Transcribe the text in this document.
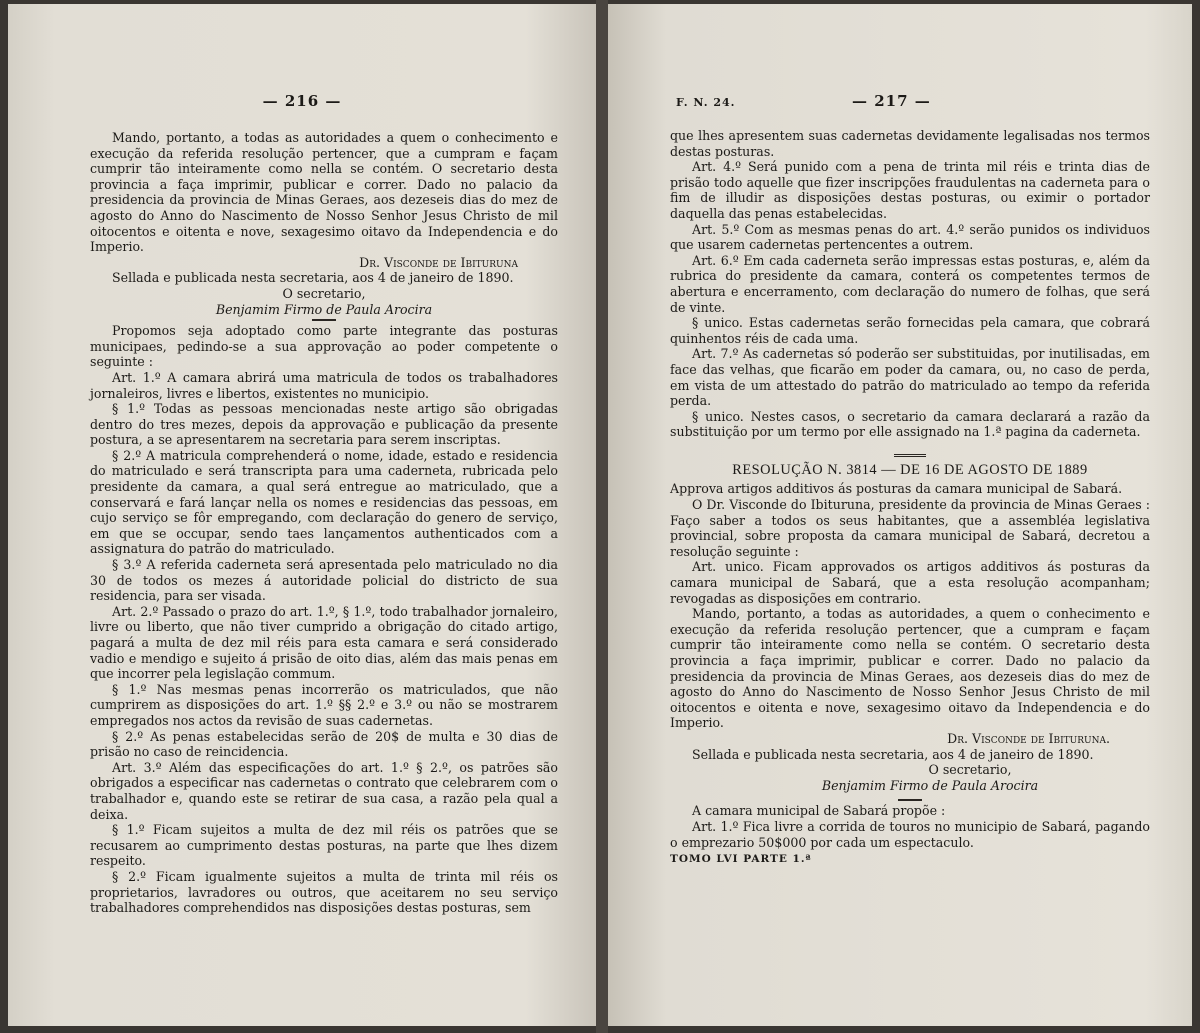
— 216 —

Mando, portanto, a todas as autoridades a quem o conhecimento e execução da referida resolução pertencer, que a cumpram e façam cumprir tão inteiramente como nella se contém. O secretario desta provincia a faça imprimir, publicar e correr. Dado no palacio da presidencia da provincia de Minas Geraes, aos dezeseis dias do mez de agosto do Anno do Nascimento de Nosso Senhor Jesus Christo de mil oitocentos e oitenta e nove, sexagesimo oitavo da Independencia e do Imperio.

Dr. Visconde de Ibituruna

Sellada e publicada nesta secretaria, aos 4 de janeiro de 1890.

O secretario,

Benjamim Firmo de Paula Arocira

Propomos seja adoptado como parte integrante das posturas municipaes, pedindo-se a sua approvação ao poder competente o seguinte :

Art. 1.º A camara abrirá uma matricula de todos os trabalhadores jornaleiros, livres e libertos, existentes no municipio.

§ 1.º Todas as pessoas mencionadas neste artigo são obrigadas dentro do tres mezes, depois da approvação e publicação da presente postura, a se apresentarem na secretaria para serem inscriptas.

§ 2.º A matricula comprehenderá o nome, idade, estado e residencia do matriculado e será transcripta para uma caderneta, rubricada pelo presidente da camara, a qual será entregue ao matriculado, que a conservará e fará lançar nella os nomes e residencias das pessoas, em cujo serviço se fôr empregando, com declaração do genero de serviço, em que se occupar, sendo taes lançamentos authenticados com a assignatura do patrão do matriculado.

§ 3.º A referida caderneta será apresentada pelo matriculado no dia 30 de todos os mezes á autoridade policial do districto de sua residencia, para ser visada.

Art. 2.º Passado o prazo do art. 1.º, § 1.º, todo trabalhador jornaleiro, livre ou liberto, que não tiver cumprido a obrigação do citado artigo, pagará a multa de dez mil réis para esta camara e será considerado vadio e mendigo e sujeito á prisão de oito dias, além das mais penas em que incorrer pela legislação commum.

§ 1.º Nas mesmas penas incorrerão os matriculados, que não cumprirem as disposições do art. 1.º §§ 2.º e 3.º ou não se mostrarem empregados nos actos da revisão de suas cadernetas.

§ 2.º As penas estabelecidas serão de 20$ de multa e 30 dias de prisão no caso de reincidencia.

Art. 3.º Além das especificações do art. 1.º § 2.º, os patrões são obrigados a especificar nas cadernetas o contrato que celebrarem com o trabalhador e, quando este se retirar de sua casa, a razão pela qual a deixa.

§ 1.º Ficam sujeitos a multa de dez mil réis os patrões que se recusarem ao cumprimento destas posturas, na parte que lhes dizem respeito.

§ 2.º Ficam igualmente sujeitos a multa de trinta mil réis os proprietarios, lavradores ou outros, que aceitarem no seu serviço trabalhadores comprehendidos nas disposições destas posturas, sem

F. N. 24.	— 217 —

que lhes apresentem suas cadernetas devidamente legalisadas nos termos destas posturas.

Art. 4.º Será punido com a pena de trinta mil réis e trinta dias de prisão todo aquelle que fizer inscripções fraudulentas na caderneta para o fim de illudir as disposições destas posturas, ou eximir o portador daquella das penas estabelecidas.

Art. 5.º Com as mesmas penas do art. 4.º serão punidos os individuos que usarem cadernetas pertencentes a outrem.

Art. 6.º Em cada caderneta serão impressas estas posturas, e, além da rubrica do presidente da camara, conterá os competentes termos de abertura e encerramento, com declaração do numero de folhas, que será de vinte.

§ unico. Estas cadernetas serão fornecidas pela camara, que cobrará quinhentos réis de cada uma.

Art. 7.º As cadernetas só poderão ser substituidas, por inutilisadas, em face das velhas, que ficarão em poder da camara, ou, no caso de perda, em vista de um attestado do patrão do matriculado ao tempo da referida perda.

§ unico. Nestes casos, o secretario da camara declarará a razão da substituição por um termo por elle assignado na 1.ª pagina da caderneta.

RESOLUÇÃO N. 3814 — DE 16 DE AGOSTO DE 1889

Approva artigos additivos ás posturas da camara municipal de Sabará.

O Dr. Visconde do Ibituruna, presidente da provincia de Minas Geraes : Faço saber a todos os seus habitantes, que a assembléa legislativa provincial, sobre proposta da camara municipal de Sabará, decretou a resolução seguinte :

Art. unico. Ficam approvados os artigos additivos ás posturas da camara municipal de Sabará, que a esta resolução acompanham; revogadas as disposições em contrario.

Mando, portanto, a todas as autoridades, a quem o conhecimento e execução da referida resolução pertencer, que a cumpram e façam cumprir tão inteiramente como nella se contém. O secretario desta provincia a faça imprimir, publicar e correr. Dado no palacio da presidencia da provincia de Minas Geraes, aos dezeseis dias do mez de agosto do Anno do Nascimento de Nosso Senhor Jesus Christo de mil oitocentos e oitenta e nove, sexagesimo oitavo da Independencia e do Imperio.

Dr. Visconde de Ibituruna.

Sellada e publicada nesta secretaria, aos 4 de janeiro de 1890.

O secretario,

Benjamim Firmo de Paula Arocira

A camara municipal de Sabará propõe :

Art. 1.º Fica livre a corrida de touros no municipio de Sabará, pagando o emprezario 50$000 por cada um espectaculo.

TOMO LVI PARTE 1.ª
